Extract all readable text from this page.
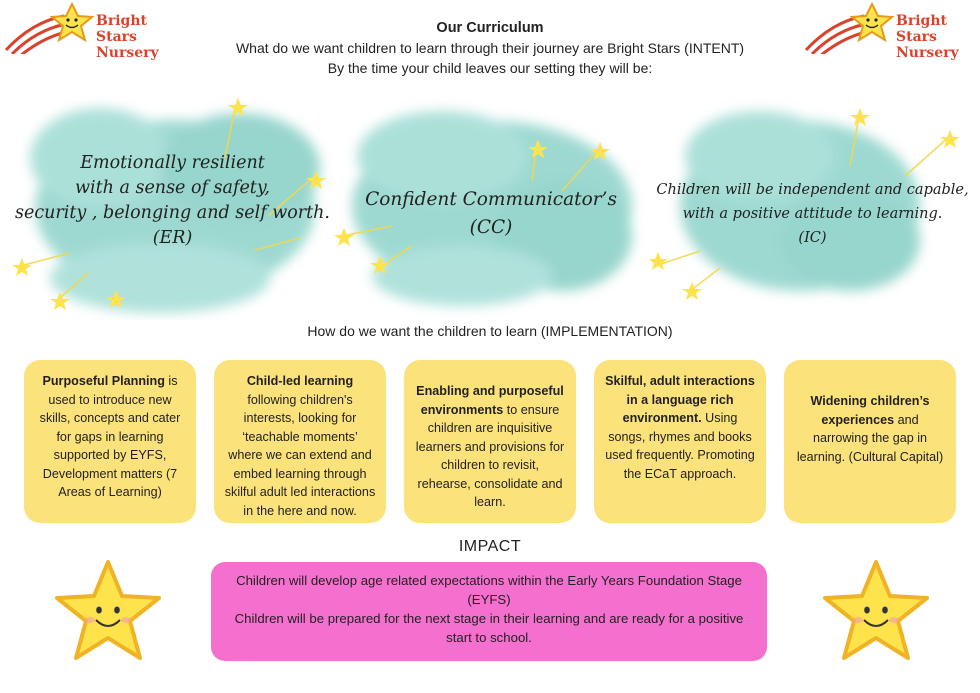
Bright Stars
Nursery
Bright Stars
Nursery
Our Curriculum
What do we want children to learn through their journey are Bright Stars (INTENT)
By the time your child leaves our setting they will be:
Emotionally resilient
with a sense of safety,
security , belonging and self worth.
(ER)
Confident Communicator’s
(CC)
Children will be independent and capable,
with a positive attitude to learning.
(IC)
How do we want the children to learn (IMPLEMENTATION)
Purposeful Planning is used to introduce new skills, concepts and cater for gaps in learning supported by EYFS, Development matters (7 Areas of Learning)
Child-led learning following children's interests, looking for ‘teachable moments’ where we can extend and embed learning through skilful adult led interactions in the here and now.
Enabling and purposeful environments to ensure children are inquisitive learners and provisions for children to revisit, rehearse, consolidate and learn.
Skilful, adult interactions in a language rich environment. Using songs, rhymes and books used frequently. Promoting the ECaT approach.
Widening children’s experiences and narrowing the gap in learning. (Cultural Capital)
IMPACT
Children will develop age related expectations within the Early Years Foundation Stage (EYFS)
Children will be prepared for the next stage in their learning and are ready for a positive start to school.
